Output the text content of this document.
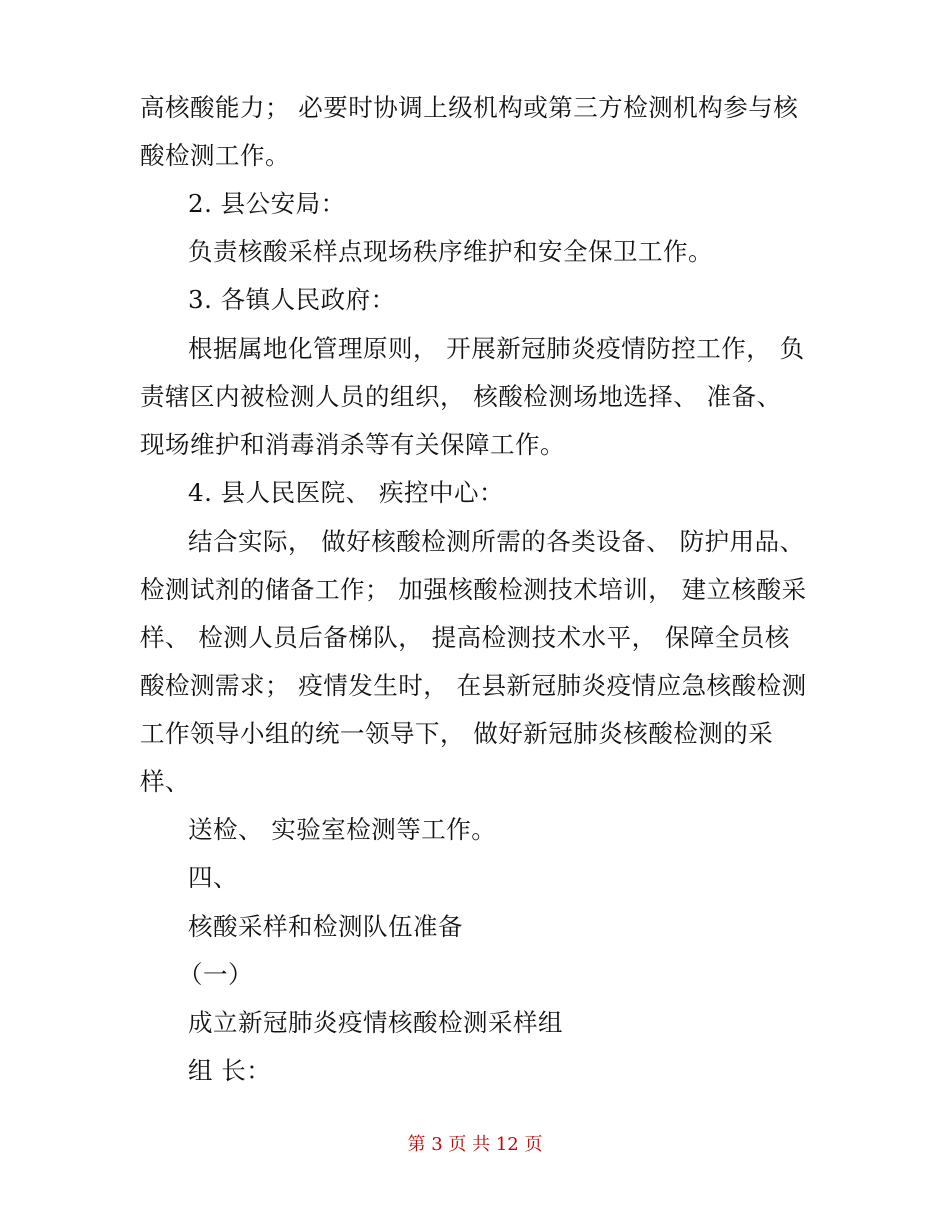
高核酸能力； 必要时协调上级机构或第三方检测机构参与核
酸检测工作。
2. 县公安局：
负责核酸采样点现场秩序维护和安全保卫工作。
3. 各镇人民政府：
根据属地化管理原则， 开展新冠肺炎疫情防控工作， 负
责辖区内被检测人员的组织， 核酸检测场地选择、 准备、
现场维护和消毒消杀等有关保障工作。
4. 县人民医院、 疾控中心：
结合实际， 做好核酸检测所需的各类设备、 防护用品、
检测试剂的储备工作； 加强核酸检测技术培训， 建立核酸采
样、 检测人员后备梯队， 提高检测技术水平， 保障全员核
酸检测需求； 疫情发生时， 在县新冠肺炎疫情应急核酸检测
工作领导小组的统一领导下， 做好新冠肺炎核酸检测的采
样、
送检、 实验室检测等工作。
四、
核酸采样和检测队伍准备
（一）
成立新冠肺炎疫情核酸检测采样组
组 长：
第 3 页 共 12 页
